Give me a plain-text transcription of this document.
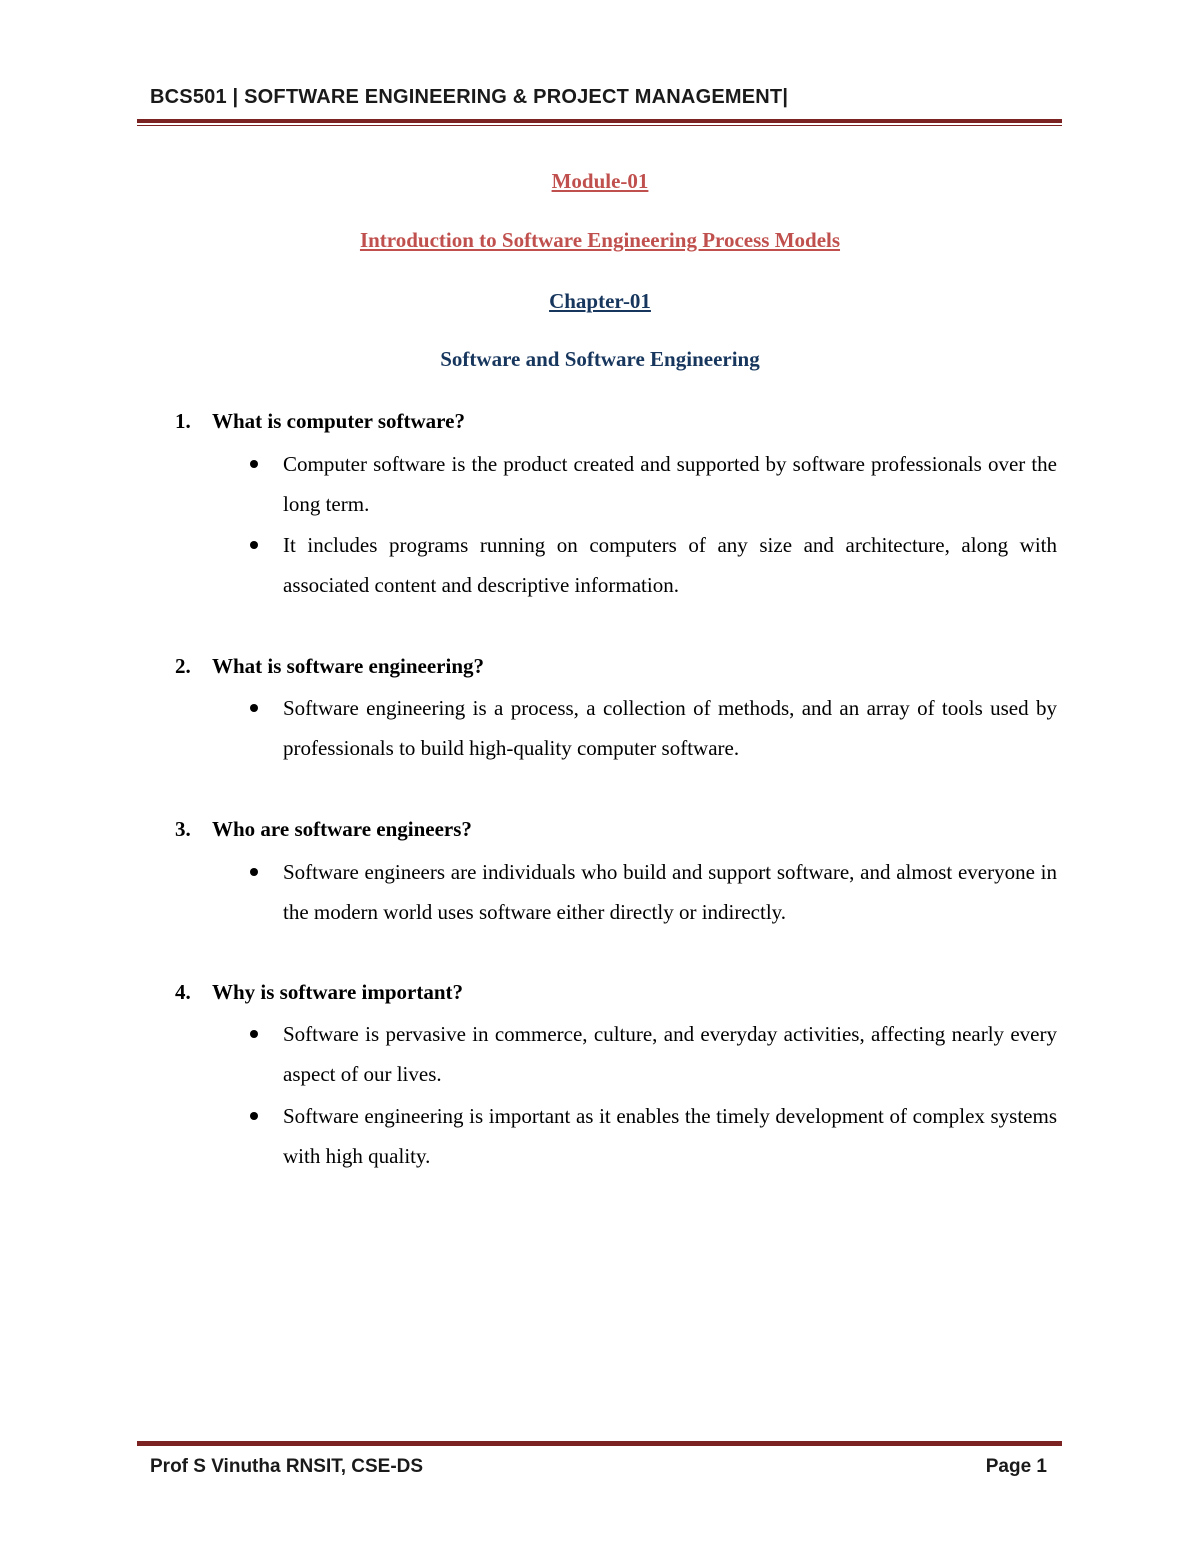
BCS501 | SOFTWARE ENGINEERING & PROJECT MANAGEMENT|
Module-01
Introduction to Software Engineering Process Models
Chapter-01
Software and Software Engineering
1. What is computer software?
Computer software is the product created and supported by software professionals over the long term.
It includes programs running on computers of any size and architecture, along with associated content and descriptive information.
2. What is software engineering?
Software engineering is a process, a collection of methods, and an array of tools used by professionals to build high-quality computer software.
3. Who are software engineers?
Software engineers are individuals who build and support software, and almost everyone in the modern world uses software either directly or indirectly.
4. Why is software important?
Software is pervasive in commerce, culture, and everyday activities, affecting nearly every aspect of our lives.
Software engineering is important as it enables the timely development of complex systems with high quality.
Prof S Vinutha RNSIT, CSE-DS	Page 1
